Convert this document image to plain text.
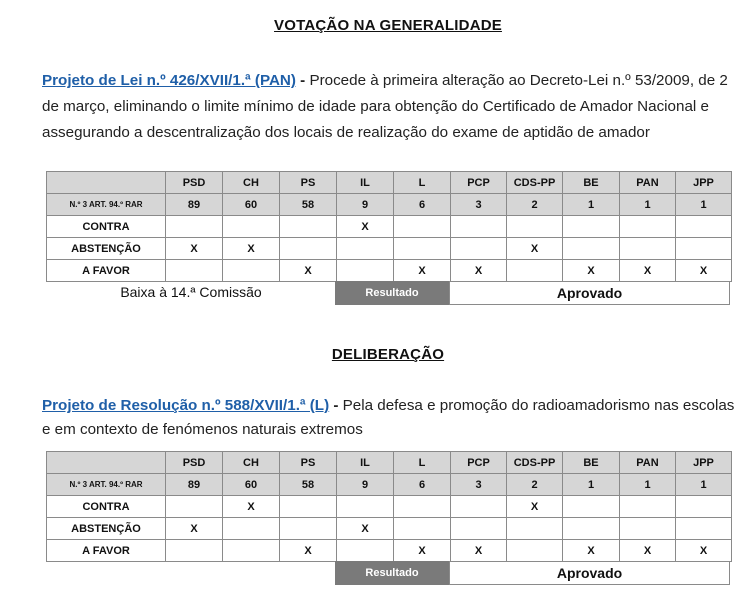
VOTAÇÃO NA GENERALIDADE
Projeto de Lei n.º 426/XVII/1.ª (PAN) - Procede à primeira alteração ao Decreto-Lei n.º 53/2009, de 2 de março, eliminando o limite mínimo de idade para obtenção do Certificado de Amador Nacional e assegurando a descentralização dos locais de realização do exame de aptidão de amador
	PSD	CH	PS	IL	L	PCP	CDS-PP	BE	PAN	JPP
N.º 3 ART. 94.º RAR	89	60	58	9	6	3	2	1	1	1
CONTRA				X						
ABSTENÇÃO	X	X					X			
A FAVOR			X		X	X		X	X	X
Baixa à 14.ª Comissão	Resultado	Aprovado
DELIBERAÇÃO
Projeto de Resolução n.º 588/XVII/1.ª (L) - Pela defesa e promoção do radioamadorismo nas escolas e em contexto de fenómenos naturais extremos
	PSD	CH	PS	IL	L	PCP	CDS-PP	BE	PAN	JPP
N.º 3 ART. 94.º RAR	89	60	58	9	6	3	2	1	1	1
CONTRA		X					X			
ABSTENÇÃO	X			X						
A FAVOR			X		X	X		X	X	X
Resultado	Aprovado
